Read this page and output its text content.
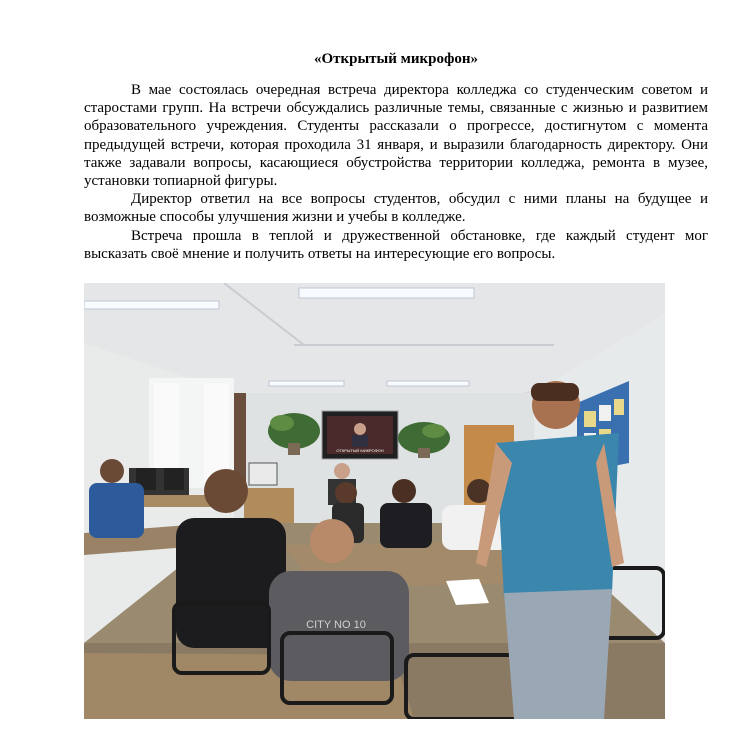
«Открытый микрофон»

В мае состоялась очередная встреча директора колледжа со студенческим советом и старостами групп. На встречи обсуждались различные темы, связанные с жизнью и развитием образовательного учреждения. Студенты рассказали о прогрессе, достигнутом с момента предыдущей встречи, которая проходила 31 января, и выразили благодарность директору. Они также задавали вопросы, касающиеся обустройства территории колледжа, ремонта в музее, установки топиарной фигуры.

Директор ответил на все вопросы студентов, обсудил с ними планы на будущее и возможные способы улучшения жизни и учебы в колледже.

Встреча прошла в теплой и дружественной обстановке, где каждый студент мог высказать своё мнение и получить ответы на интересующие его вопросы.

ОТКРЫТЫЙ МИКРОФОН
CITY NO 10
